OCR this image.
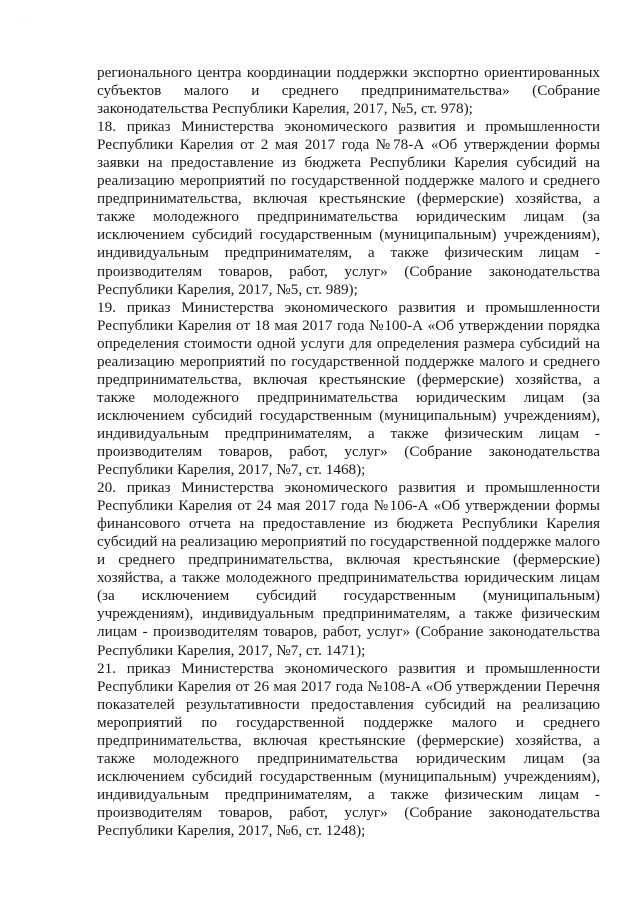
·  ·
регионального центра координации поддержки экспортно ориентированных
субъектов малого и среднего предпринимательства» (Собрание
законодательства Республики Карелия, 2017, №5, ст. 978);
18. приказ Министерства экономического развития и промышленности
Республики Карелия от 2 мая 2017 года №78-А «Об утверждении формы
заявки на предоставление из бюджета Республики Карелия субсидий на
реализацию мероприятий по государственной поддержке малого и среднего
предпринимательства, включая крестьянские (фермерские) хозяйства, а
также молодежного предпринимательства юридическим лицам (за
исключением субсидий государственным (муниципальным) учреждениям),
индивидуальным предпринимателям, а также физическим лицам -
производителям товаров, работ, услуг» (Собрание законодательства
Республики Карелия, 2017, №5, ст. 989);
19. приказ Министерства экономического развития и промышленности
Республики Карелия от 18 мая 2017 года №100-А «Об утверждении порядка
определения стоимости одной услуги для определения размера субсидий на
реализацию мероприятий по государственной поддержке малого и среднего
предпринимательства, включая крестьянские (фермерские) хозяйства, а
также молодежного предпринимательства юридическим лицам (за
исключением субсидий государственным (муниципальным) учреждениям),
индивидуальным предпринимателям, а также физическим лицам -
производителям товаров, работ, услуг» (Собрание законодательства
Республики Карелия, 2017, №7, ст. 1468);
20. приказ Министерства экономического развития и промышленности
Республики Карелия от 24 мая 2017 года №106-А «Об утверждении формы
финансового отчета на предоставление из бюджета Республики Карелия
субсидий на реализацию мероприятий по государственной поддержке малого
и среднего предпринимательства, включая крестьянские (фермерские)
хозяйства, а также молодежного предпринимательства юридическим лицам
(за исключением субсидий государственным (муниципальным)
учреждениям), индивидуальным предпринимателям, а также физическим
лицам - производителям товаров, работ, услуг» (Собрание законодательства
Республики Карелия, 2017, №7, ст. 1471);
21. приказ Министерства экономического развития и промышленности
Республики Карелия от 26 мая 2017 года №108-А «Об утверждении Перечня
показателей результативности предоставления субсидий на реализацию
мероприятий по государственной поддержке малого и среднего
предпринимательства, включая крестьянские (фермерские) хозяйства, а
также молодежного предпринимательства юридическим лицам (за
исключением субсидий государственным (муниципальным) учреждениям),
индивидуальным предпринимателям, а также физическим лицам -
производителям товаров, работ, услуг» (Собрание законодательства
Республики Карелия, 2017, №6, ст. 1248);
